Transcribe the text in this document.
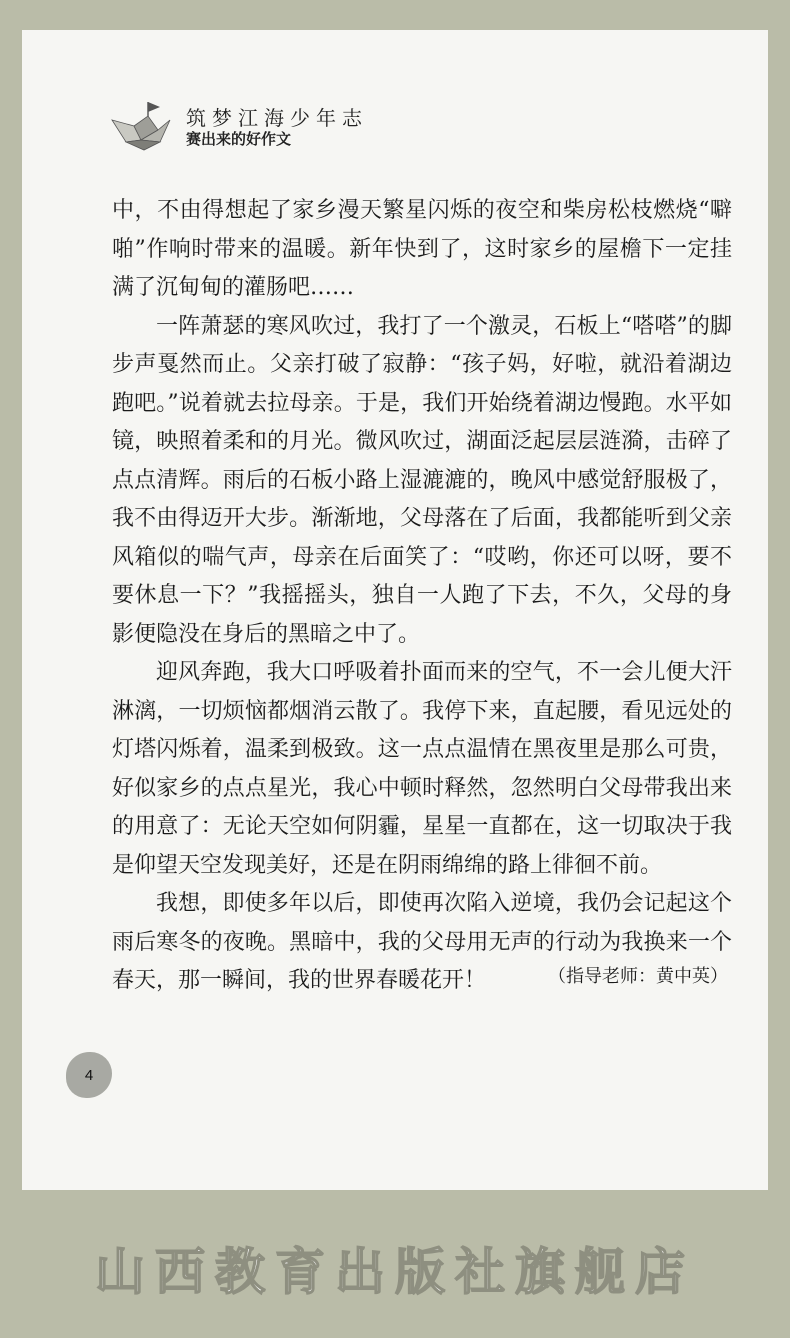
筑梦江海少年志
赛出来的好作文

中，不由得想起了家乡漫天繁星闪烁的夜空和柴房松枝燃烧“噼啪”作响时带来的温暖。新年快到了，这时家乡的屋檐下一定挂满了沉甸甸的灌肠吧……

一阵萧瑟的寒风吹过，我打了一个激灵，石板上“嗒嗒”的脚步声戛然而止。父亲打破了寂静：“孩子妈，好啦，就沿着湖边跑吧。”说着就去拉母亲。于是，我们开始绕着湖边慢跑。水平如镜，映照着柔和的月光。微风吹过，湖面泛起层层涟漪，击碎了点点清辉。雨后的石板小路上湿漉漉的，晚风中感觉舒服极了，我不由得迈开大步。渐渐地，父母落在了后面，我都能听到父亲风箱似的喘气声，母亲在后面笑了：“哎哟，你还可以呀，要不要休息一下？”我摇摇头，独自一人跑了下去，不久，父母的身影便隐没在身后的黑暗之中了。

迎风奔跑，我大口呼吸着扑面而来的空气，不一会儿便大汗淋漓，一切烦恼都烟消云散了。我停下来，直起腰，看见远处的灯塔闪烁着，温柔到极致。这一点点温情在黑夜里是那么可贵，好似家乡的点点星光，我心中顿时释然，忽然明白父母带我出来的用意了：无论天空如何阴霾，星星一直都在，这一切取决于我是仰望天空发现美好，还是在阴雨绵绵的路上徘徊不前。

我想，即使多年以后，即使再次陷入逆境，我仍会记起这个雨后寒冬的夜晚。黑暗中，我的父母用无声的行动为我换来一个春天，那一瞬间，我的世界春暖花开！	（指导老师：黄中英）
4
山西教育出版社旗舰店
